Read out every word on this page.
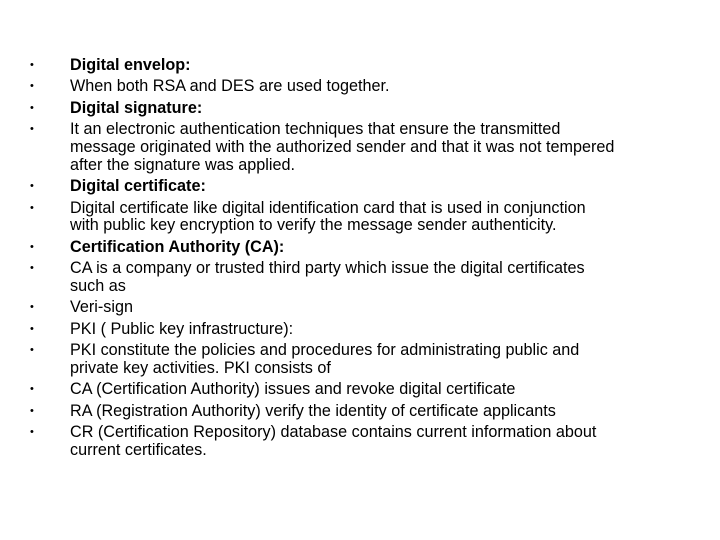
•	Digital envelop:
•	When both RSA and DES are used together.
•	Digital signature:
•	It an electronic authentication techniques that ensure the transmitted
message originated with the authorized sender and that it was not tempered
after the signature was applied.
•	Digital certificate:
•	Digital certificate like digital identification card that is used in conjunction
with public key encryption to verify the message sender authenticity.
•	Certification Authority (CA):
•	CA is a company or trusted third party which issue the digital certificates
such as
•	Veri-sign
•	PKI ( Public key infrastructure):
•	PKI constitute the policies and procedures for administrating public and
private key activities. PKI consists of
•	CA (Certification Authority) issues and revoke digital certificate
•	RA (Registration Authority) verify the identity of certificate applicants
•	CR (Certification Repository) database contains current information about
current certificates.
